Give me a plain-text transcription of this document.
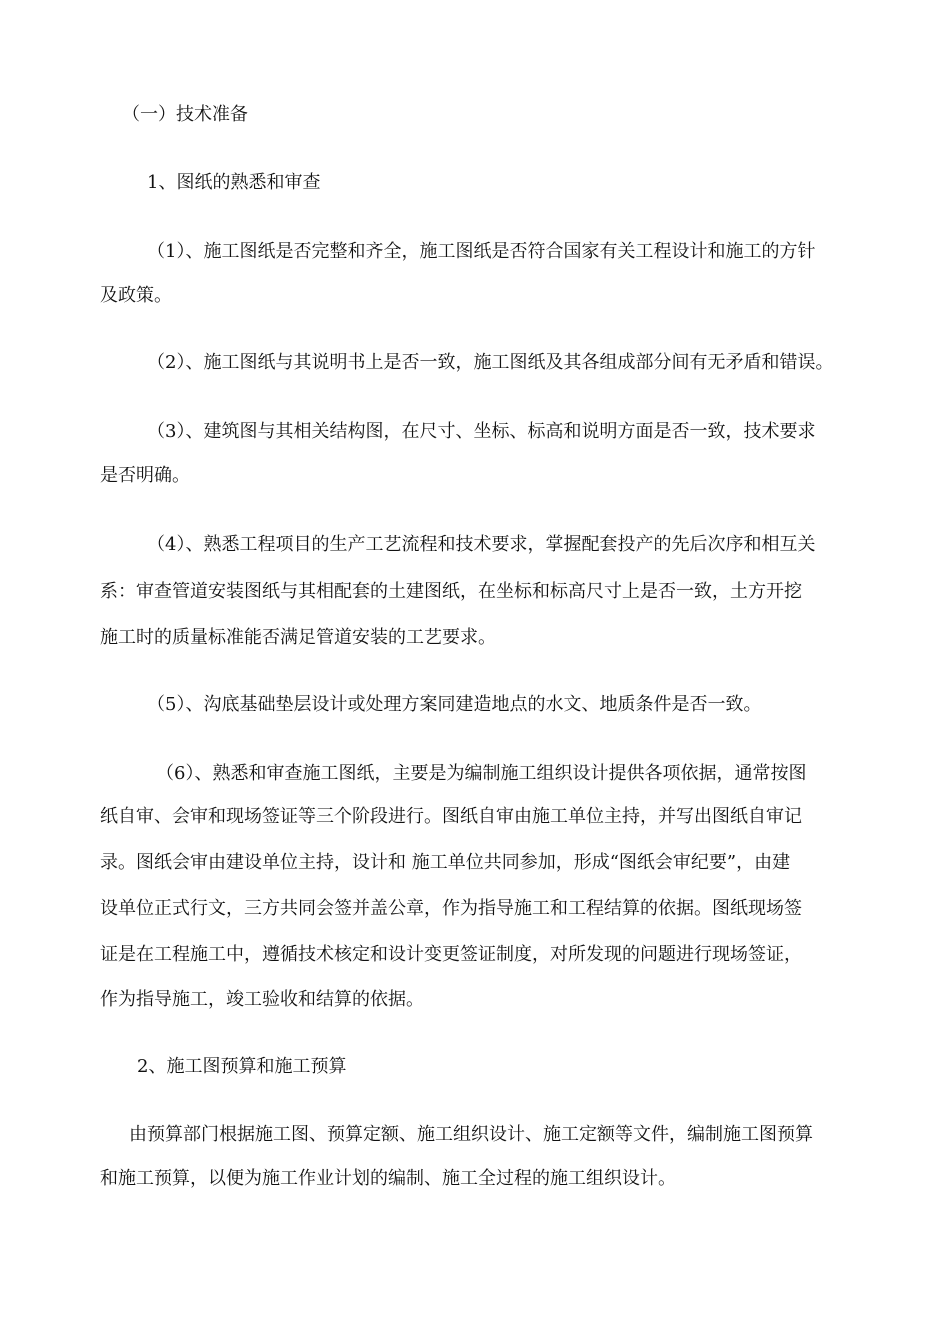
（一）技术准备
1、图纸的熟悉和审查
（1）、施工图纸是否完整和齐全，施工图纸是否符合国家有关工程设计和施工的方针
及政策。
（2）、施工图纸与其说明书上是否一致，施工图纸及其各组成部分间有无矛盾和错误。
（3）、建筑图与其相关结构图，在尺寸、坐标、标高和说明方面是否一致，技术要求
是否明确。
（4）、熟悉工程项目的生产工艺流程和技术要求，掌握配套投产的先后次序和相互关
系：审查管道安装图纸与其相配套的土建图纸，在坐标和标高尺寸上是否一致，土方开挖
施工时的质量标准能否满足管道安装的工艺要求。
（5）、沟底基础垫层设计或处理方案同建造地点的水文、地质条件是否一致。
（6）、熟悉和审查施工图纸，主要是为编制施工组织设计提供各项依据，通常按图
纸自审、会审和现场签证等三个阶段进行。图纸自审由施工单位主持，并写出图纸自审记
录。图纸会审由建设单位主持，设计和 施工单位共同参加，形成“图纸会审纪要”，由建
设单位正式行文，三方共同会签并盖公章，作为指导施工和工程结算的依据。图纸现场签
证是在工程施工中，遵循技术核定和设计变更签证制度，对所发现的问题进行现场签证，
作为指导施工，竣工验收和结算的依据。
2、施工图预算和施工预算
由预算部门根据施工图、预算定额、施工组织设计、施工定额等文件，编制施工图预算
和施工预算，以便为施工作业计划的编制、施工全过程的施工组织设计。
